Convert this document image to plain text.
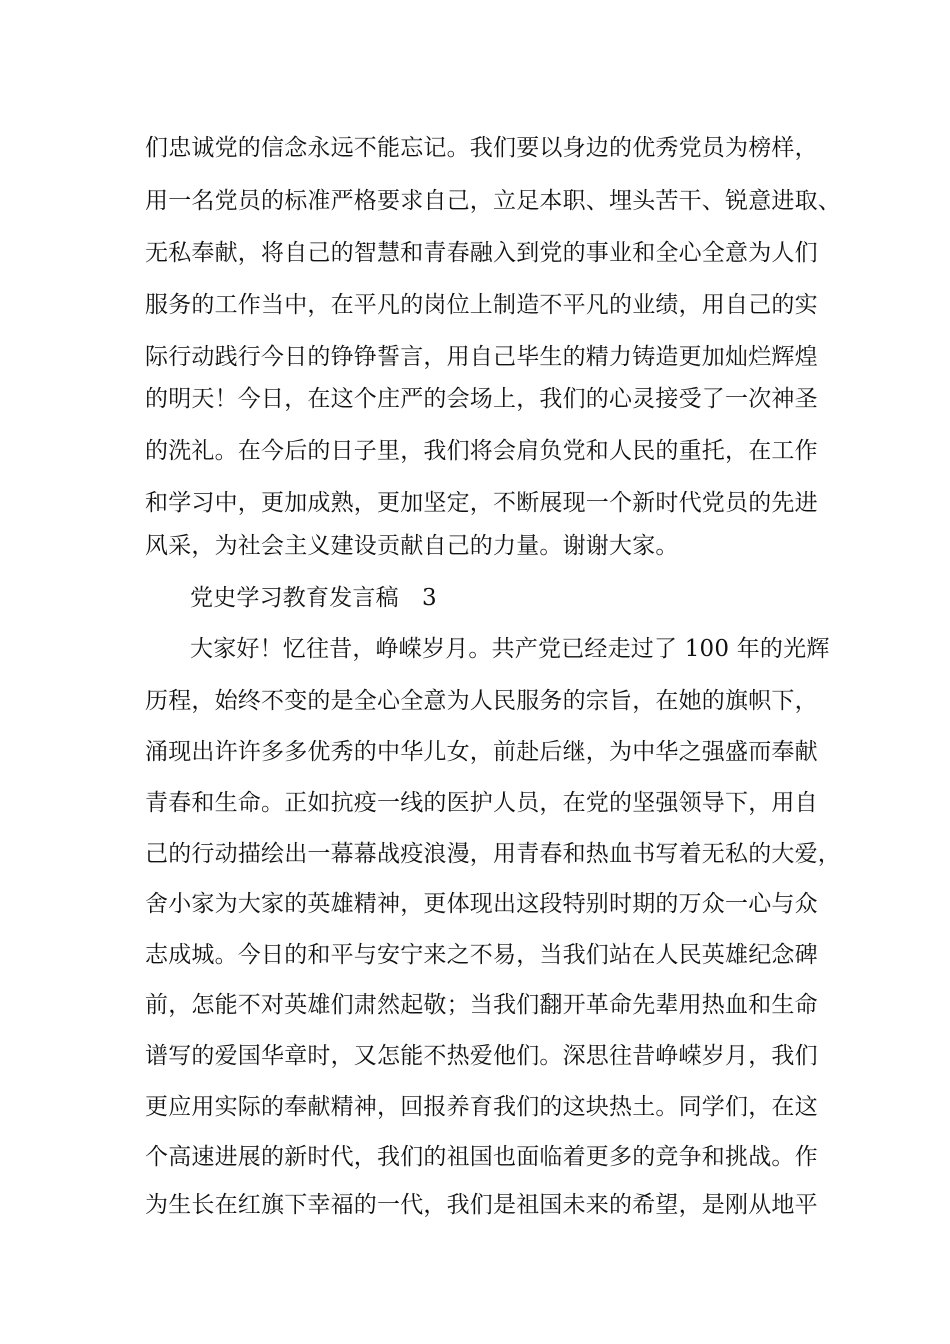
们忠诚党的信念永远不能忘记。我们要以身边的优秀党员为榜样，
用一名党员的标准严格要求自己，立足本职、埋头苦干、锐意进取、
无私奉献，将自己的智慧和青春融入到党的事业和全心全意为人们
服务的工作当中，在平凡的岗位上制造不平凡的业绩，用自己的实
际行动践行今日的铮铮誓言，用自己毕生的精力铸造更加灿烂辉煌
的明天！今日，在这个庄严的会场上，我们的心灵接受了一次神圣
的洗礼。在今后的日子里，我们将会肩负党和人民的重托，在工作
和学习中，更加成熟，更加坚定，不断展现一个新时代党员的先进
风采，为社会主义建设贡献自己的力量。谢谢大家。
党史学习教育发言稿　3
大家好！忆往昔，峥嵘岁月。共产党已经走过了 100 年的光辉
历程，始终不变的是全心全意为人民服务的宗旨，在她的旗帜下，
涌现出许许多多优秀的中华儿女，前赴后继，为中华之强盛而奉献
青春和生命。正如抗疫一线的医护人员，在党的坚强领导下，用自
己的行动描绘出一幕幕战疫浪漫，用青春和热血书写着无私的大爱，
舍小家为大家的英雄精神，更体现出这段特别时期的万众一心与众
志成城。今日的和平与安宁来之不易，当我们站在人民英雄纪念碑
前，怎能不对英雄们肃然起敬；当我们翻开革命先辈用热血和生命
谱写的爱国华章时，又怎能不热爱他们。深思往昔峥嵘岁月，我们
更应用实际的奉献精神，回报养育我们的这块热土。同学们，在这
个高速进展的新时代，我们的祖国也面临着更多的竞争和挑战。作
为生长在红旗下幸福的一代，我们是祖国未来的希望，是刚从地平
